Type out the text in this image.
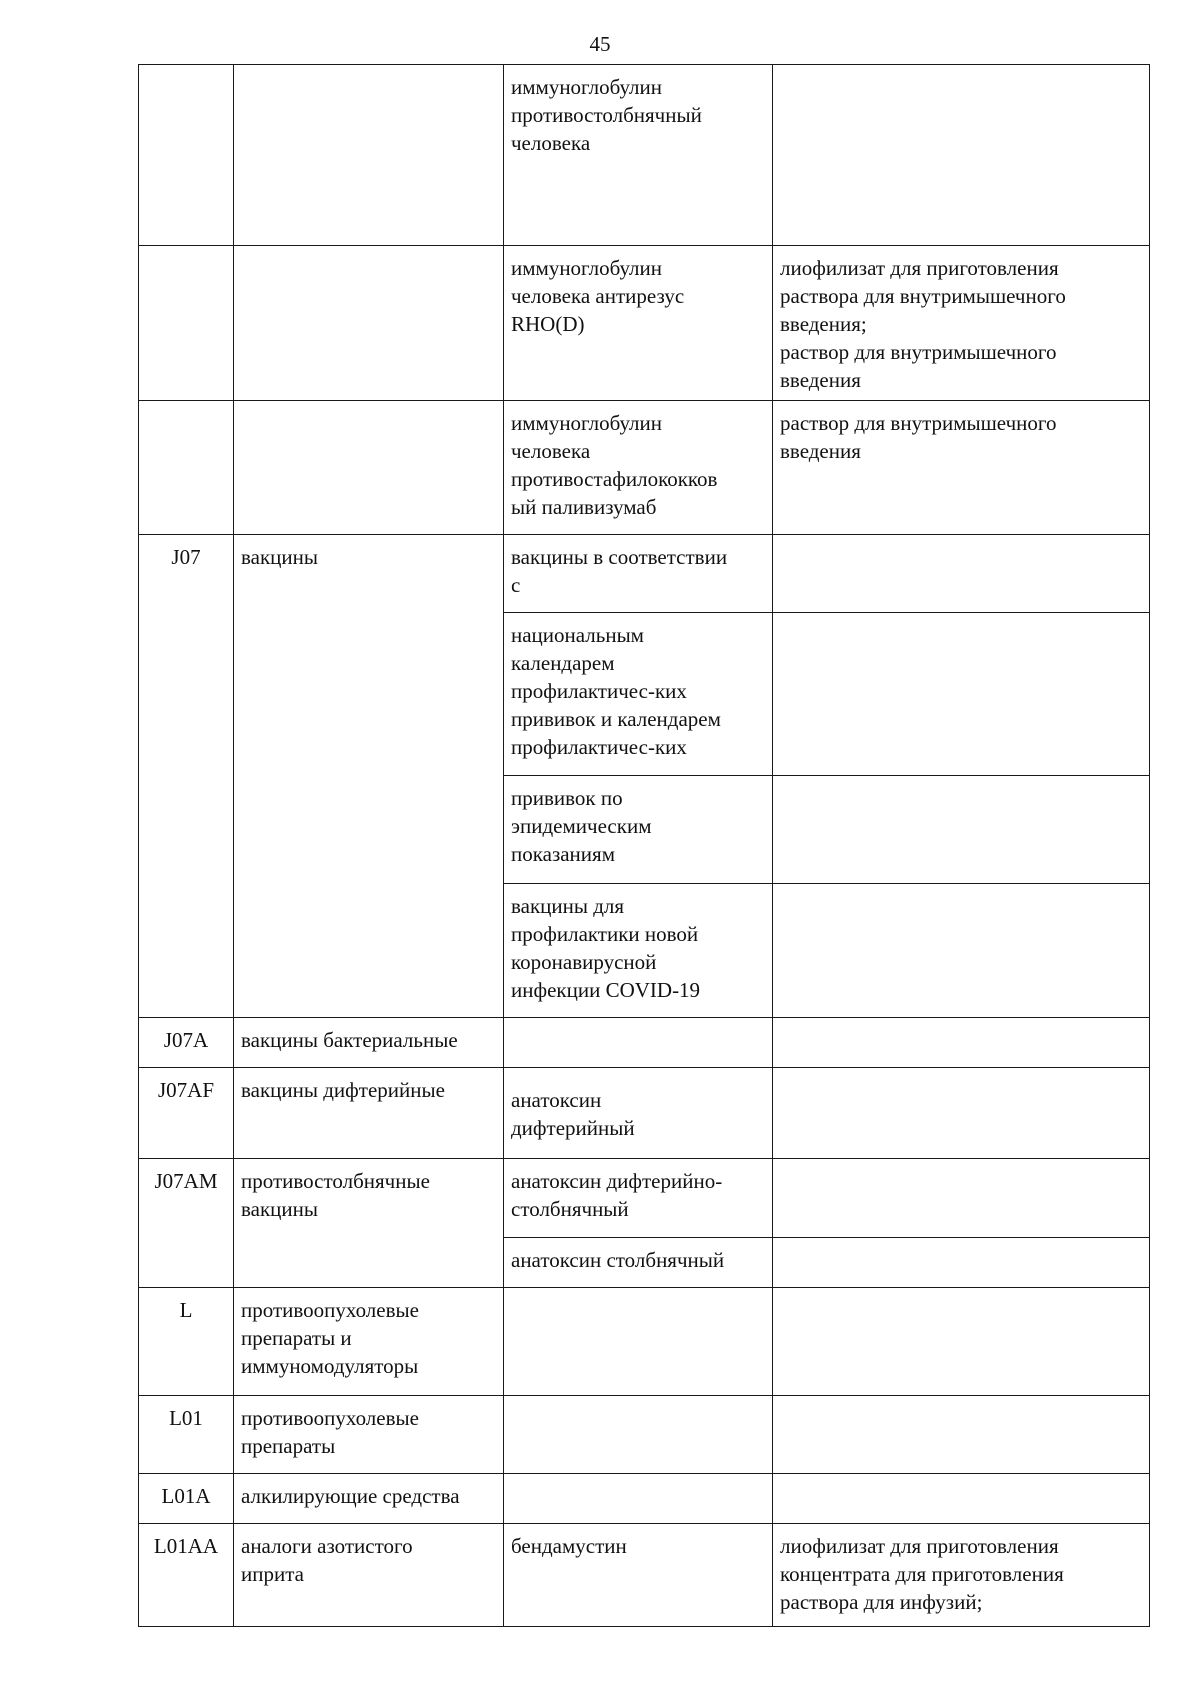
45
		иммуноглобулин
противостолбнячный
человека	
		иммуноглобулин
человека антирезус
RHO(D)	лиофилизат для приготовления
раствора для внутримышечного
введения;
раствор для внутримышечного
введения
		иммуноглобулин
человека
противостафилококков
ый паливизумаб	раствор для внутримышечного
введения
J07	вакцины	вакцины в соответствии
с	
		национальным
календарем
профилактичес-ких
прививок и календарем
профилактичес-ких	
		прививок по
эпидемическим
показаниям	
		вакцины для
профилактики новой
коронавирусной
инфекции COVID-19	
J07A	вакцины бактериальные		
J07AF	вакцины дифтерийные	анатоксин
дифтерийный	
J07AM	противостолбнячные
вакцины	анатоксин дифтерийно-
столбнячный	
		анатоксин столбнячный	
L	противоопухолевые
препараты и
иммуномодуляторы		
L01	противоопухолевые
препараты		
L01A	алкилирующие средства		
L01AA	аналоги азотистого
иприта	бендамустин	лиофилизат для приготовления
концентрата для приготовления
раствора для инфузий;
